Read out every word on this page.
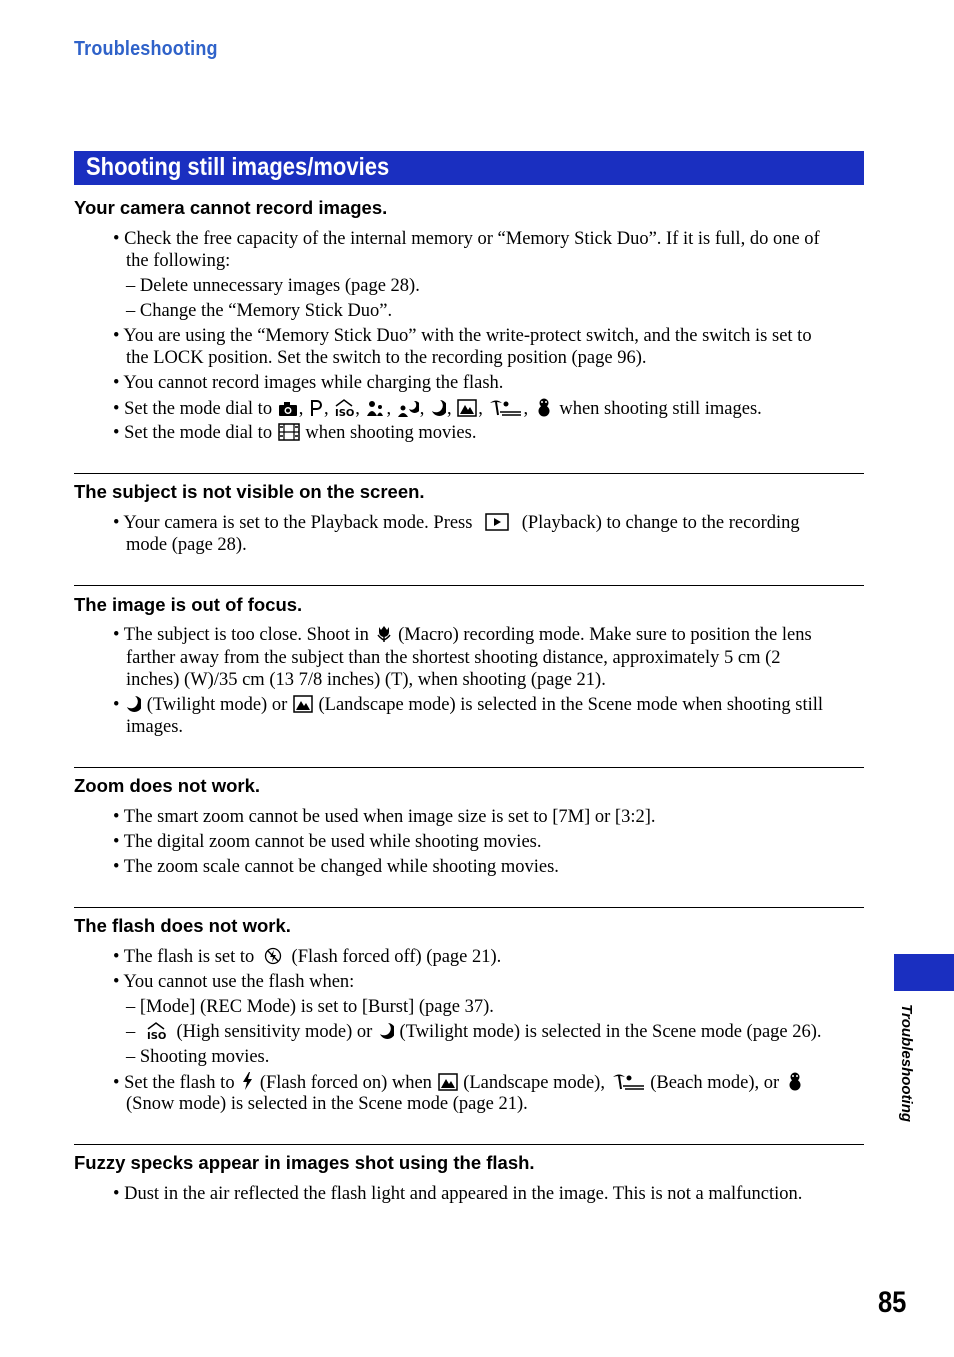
Troubleshooting
Shooting still images/movies
Your camera cannot record images.
• Check the free capacity of the internal memory or “Memory Stick Duo”. If it is full, do one of
the following:
– Delete unnecessary images (page 28).
– Change the “Memory Stick Duo”.
• You are using the “Memory Stick Duo” with the write-protect switch, and the switch is set to
the LOCK position. Set the switch to the recording position (page 96).
• You cannot record images while charging the flash.
• Set the mode dial to ,
, ISO ,
,
,
,
,
,
when shooting still images.
• Set the mode dial to when shooting movies.
The subject is not visible on the screen.
• Your camera is set to the Playback mode. Press	(Playback) to change to the recording
mode (page 28).
The image is out of focus.
• The subject is too close. Shoot in (Macro) recording mode. Make sure to position the lens
farther away from the subject than the shortest shooting distance, approximately 5 cm (2
inches) (W)/35 cm (13 7/8 inches) (T), when shooting (page 21).
• (Twilight mode) or (Landscape mode) is selected in the Scene mode when shooting still
images.
Zoom does not work.
• The smart zoom cannot be used when image size is set to [7M] or [3:2].
• The digital zoom cannot be used while shooting movies.
• The zoom scale cannot be changed while shooting movies.
The flash does not work.
• The flash is set to (Flash forced off) (page 21).
• You cannot use the flash when:
– [Mode] (REC Mode) is set to [Burst] (page 37).
– ISO (High sensitivity mode) or (Twilight mode) is selected in the Scene mode (page 26).
– Shooting movies.
• Set the flash to (Flash forced on) when (Landscape mode), (Beach mode), or
(Snow mode) is selected in the Scene mode (page 21).
Fuzzy specks appear in images shot using the flash.
• Dust in the air reflected the flash light and appeared in the image. This is not a malfunction.
Troubleshooting
85
